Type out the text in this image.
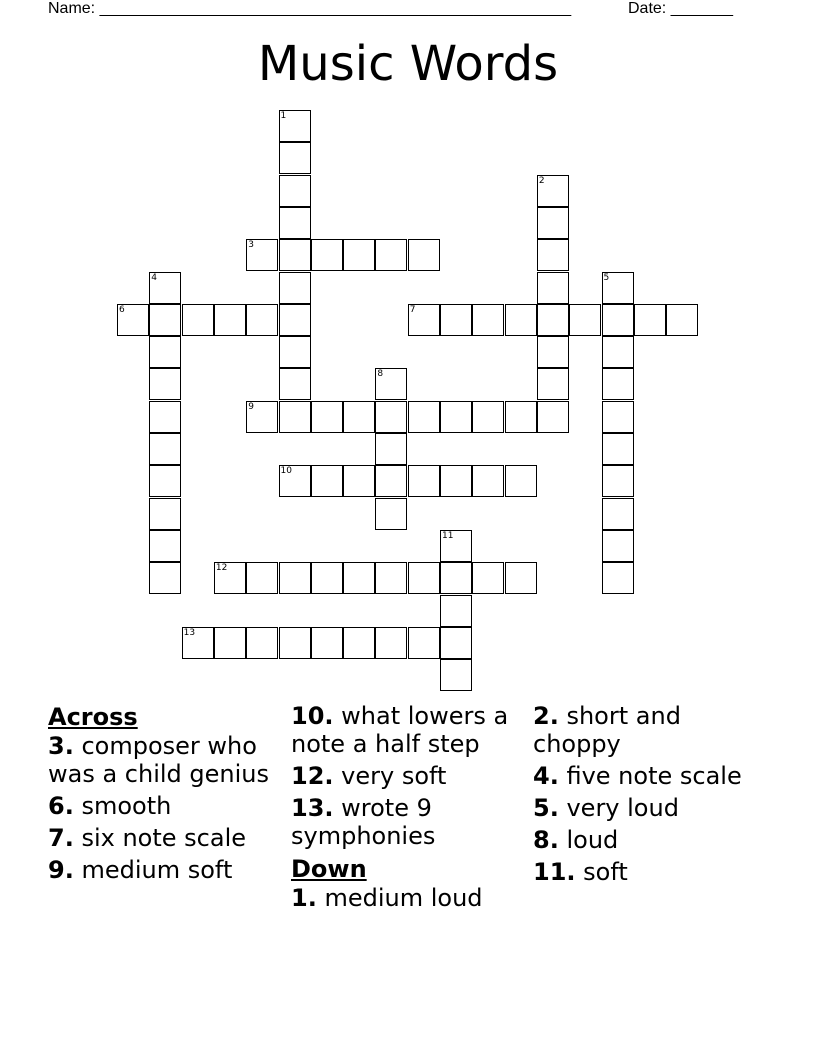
Name: _____________________________________________________	Date: _______
Music Words
1
2
3
4	5
6	7
8
9
10
11
12
13
Across
3. composer who was a child genius
6. smooth
7. six note scale
9. medium soft
10. what lowers a note a half step
12. very soft
13. wrote 9 symphonies
Down
1. medium loud
2. short and choppy
4. five note scale
5. very loud
8. loud
11. soft
